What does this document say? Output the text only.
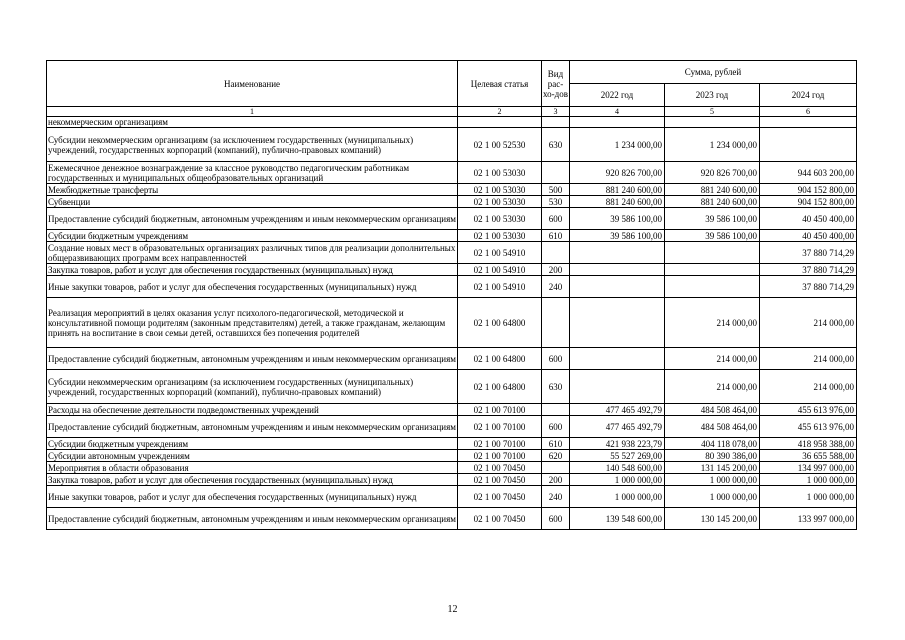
Наименование	Целевая статья	Вид рас-хо-дов	Сумма, рублей		
			2022 год	2023 год	2024 год
1	2	3	4	5	6
некоммерческим организациям					
Субсидии некоммерческим организациям (за исключением государственных (муниципальных) учреждений, государственных корпораций (компаний), публично-правовых компаний)	02 1 00 52530	630	1 234 000,00	1 234 000,00	
Ежемесячное денежное вознаграждение за классное руководство педагогическим работникам государственных и муниципальных общеобразовательных организаций	02 1 00 53030		920 826 700,00	920 826 700,00	944 603 200,00
Межбюджетные трансферты	02 1 00 53030	500	881 240 600,00	881 240 600,00	904 152 800,00
Субвенции	02 1 00 53030	530	881 240 600,00	881 240 600,00	904 152 800,00
Предоставление субсидий бюджетным, автономным учреждениям и иным некоммерческим организациям	02 1 00 53030	600	39 586 100,00	39 586 100,00	40 450 400,00
Субсидии бюджетным учреждениям	02 1 00 53030	610	39 586 100,00	39 586 100,00	40 450 400,00
Создание новых мест в образовательных организациях различных типов для реализации дополнительных общеразвивающих программ всех направленностей	02 1 00 54910				37 880 714,29
Закупка товаров, работ и услуг для обеспечения государственных (муниципальных) нужд	02 1 00 54910	200			37 880 714,29
Иные закупки товаров, работ и услуг для обеспечения государственных (муниципальных) нужд	02 1 00 54910	240			37 880 714,29
Реализация мероприятий в целях оказания услуг психолого-педагогической, методической и консультативной помощи родителям (законным представителям) детей, а также гражданам, желающим принять на воспитание в свои семьи детей, оставшихся без попечения родителей	02 1 00 64800			214 000,00	214 000,00
Предоставление субсидий бюджетным, автономным учреждениям и иным некоммерческим организациям	02 1 00 64800	600		214 000,00	214 000,00
Субсидии некоммерческим организациям (за исключением государственных (муниципальных) учреждений, государственных корпораций (компаний), публично-правовых компаний)	02 1 00 64800	630		214 000,00	214 000,00
Расходы на обеспечение деятельности подведомственных учреждений	02 1 00 70100		477 465 492,79	484 508 464,00	455 613 976,00
Предоставление субсидий бюджетным, автономным учреждениям и иным некоммерческим организациям	02 1 00 70100	600	477 465 492,79	484 508 464,00	455 613 976,00
Субсидии бюджетным учреждениям	02 1 00 70100	610	421 938 223,79	404 118 078,00	418 958 388,00
Субсидии автономным учреждениям	02 1 00 70100	620	55 527 269,00	80 390 386,00	36 655 588,00
Мероприятия в области образования	02 1 00 70450		140 548 600,00	131 145 200,00	134 997 000,00
Закупка товаров, работ и услуг для обеспечения государственных (муниципальных) нужд	02 1 00 70450	200	1 000 000,00	1 000 000,00	1 000 000,00
Иные закупки товаров, работ и услуг для обеспечения государственных (муниципальных) нужд	02 1 00 70450	240	1 000 000,00	1 000 000,00	1 000 000,00
Предоставление субсидий бюджетным, автономным учреждениям и иным некоммерческим организациям	02 1 00 70450	600	139 548 600,00	130 145 200,00	133 997 000,00
12
